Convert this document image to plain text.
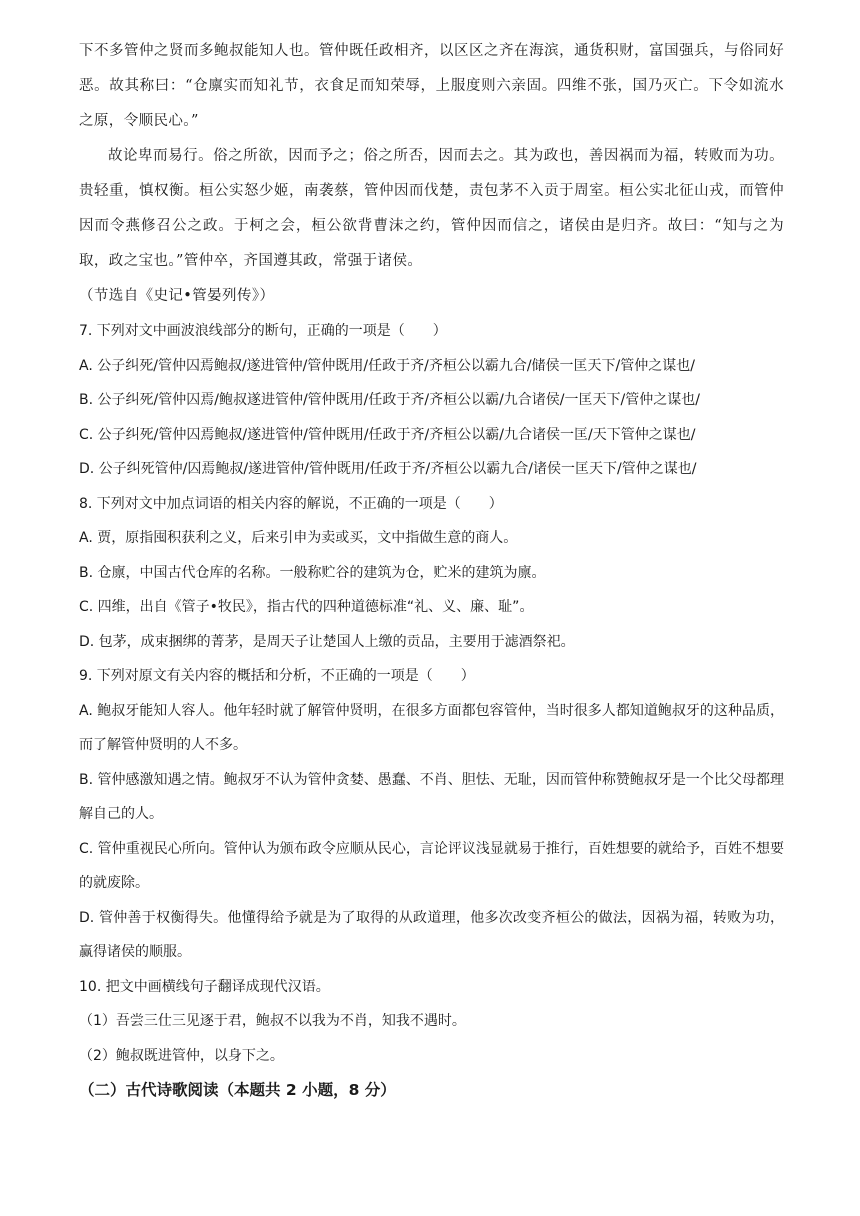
下不多管仲之贤而多鲍叔能知人也。管仲既任政相齐，以区区之齐在海滨，通货积财，富国强兵，与俗同好恶。故其称曰：“仓廪实而知礼节，衣食足而知荣辱，上服度则六亲固。四维不张，国乃灭亡。下令如流水之原，令顺民心。”

故论卑而易行。俗之所欲，因而予之；俗之所否，因而去之。其为政也，善因祸而为福，转败而为功。贵轻重，慎权衡。桓公实怒少姬，南袭蔡，管仲因而伐楚，责包茅不入贡于周室。桓公实北征山戎，而管仲因而令燕修召公之政。于柯之会，桓公欲背曹沫之约，管仲因而信之，诸侯由是归齐。故曰：“知与之为取，政之宝也。”管仲卒，齐国遵其政，常强于诸侯。

（节选自《史记•管晏列传》）

7. 下列对文中画波浪线部分的断句，正确的一项是（　　）

A. 公子纠死/管仲囚焉鲍叔/遂进管仲/管仲既用/任政于齐/齐桓公以霸九合/储侯一匡天下/管仲之谋也/

B. 公子纠死/管仲囚焉/鲍叔遂进管仲/管仲既用/任政于齐/齐桓公以霸/九合诸侯/一匡天下/管仲之谋也/

C. 公子纠死/管仲囚焉鲍叔/遂进管仲/管仲既用/任政于齐/齐桓公以霸/九合诸侯一匡/天下管仲之谋也/

D. 公子纠死管仲/囚焉鲍叔/遂进管仲/管仲既用/任政于齐/齐桓公以霸九合/诸侯一匡天下/管仲之谋也/

8. 下列对文中加点词语的相关内容的解说，不正确的一项是（　　）

A. 贾，原指囤积获利之义，后来引申为卖或买，文中指做生意的商人。

B. 仓廪，中国古代仓库的名称。一般称贮谷的建筑为仓，贮米的建筑为廪。

C. 四维，出自《管子•牧民》，指古代的四种道德标准“礼、义、廉、耻”。

D. 包茅，成束捆绑的菁茅，是周天子让楚国人上缴的贡品，主要用于滤酒祭祀。

9. 下列对原文有关内容的概括和分析，不正确的一项是（　　）

A. 鲍叔牙能知人容人。他年轻时就了解管仲贤明，在很多方面都包容管仲，当时很多人都知道鲍叔牙的这种品质，而了解管仲贤明的人不多。

B. 管仲感激知遇之情。鲍叔牙不认为管仲贪婪、愚蠢、不肖、胆怯、无耻，因而管仲称赞鲍叔牙是一个比父母都理解自己的人。

C. 管仲重视民心所向。管仲认为颁布政令应顺从民心，言论评议浅显就易于推行，百姓想要的就给予，百姓不想要的就废除。

D. 管仲善于权衡得失。他懂得给予就是为了取得的从政道理，他多次改变齐桓公的做法，因祸为福，转败为功，赢得诸侯的顺服。

10. 把文中画横线句子翻译成现代汉语。

（1）吾尝三仕三见逐于君，鲍叔不以我为不肖，知我不遇时。

（2）鲍叔既进管仲，以身下之。

（二）古代诗歌阅读（本题共 2 小题，8 分）
